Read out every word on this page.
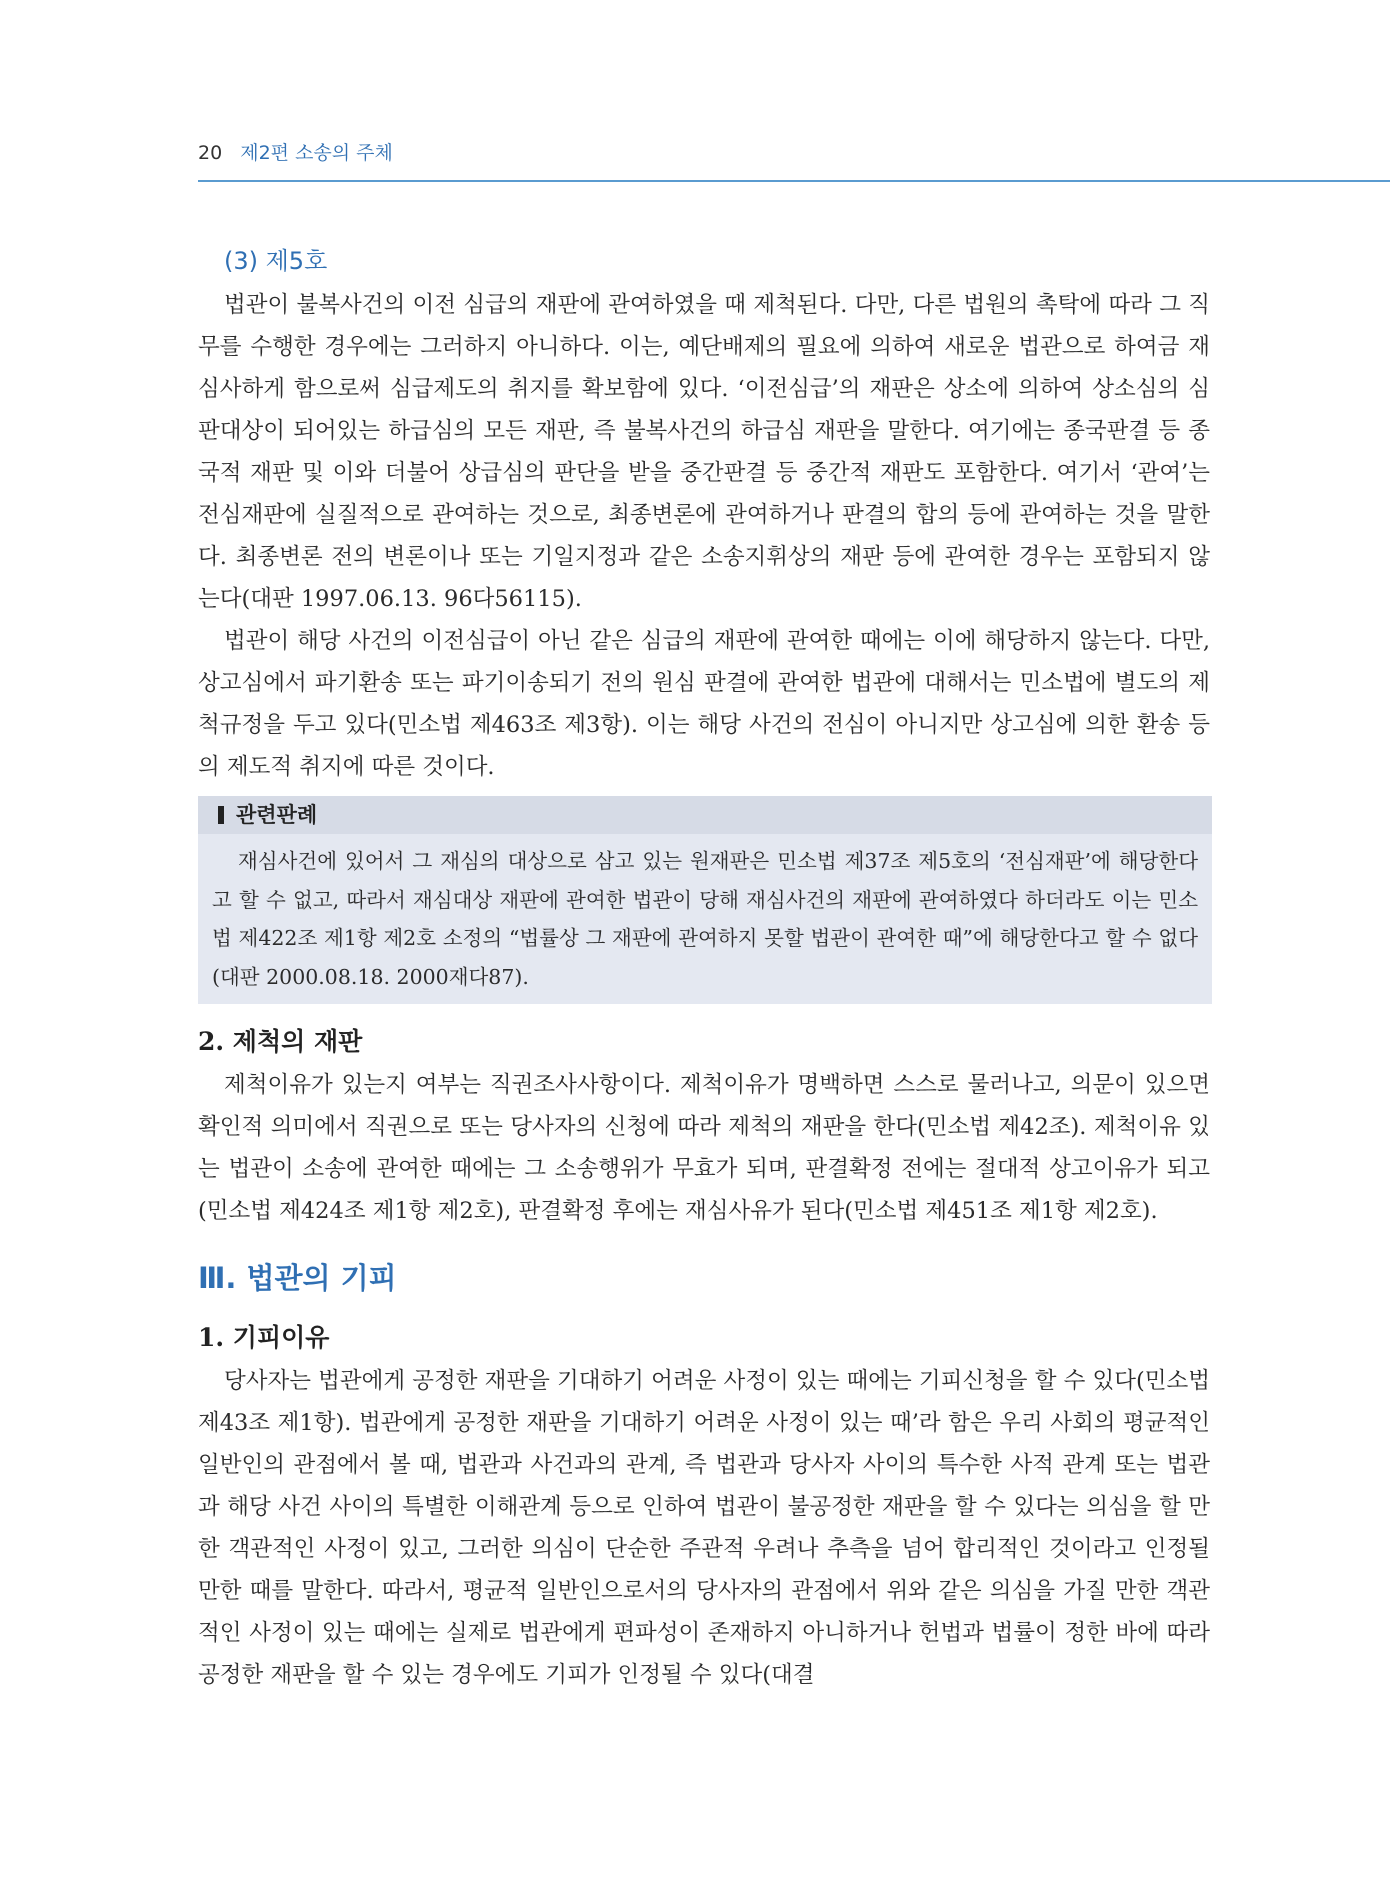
20 제2편 소송의 주체
(3) 제5호

법관이 불복사건의 이전 심급의 재판에 관여하였을 때 제척된다. 다만, 다른 법원의 촉탁에 따라 그 직무를 수행한 경우에는 그러하지 아니하다. 이는, 예단배제의 필요에 의하여 새로운 법관으로 하여금 재심사하게 함으로써 심급제도의 취지를 확보함에 있다. ‘이전심급’의 재판은 상소에 의하여 상소심의 심판대상이 되어있는 하급심의 모든 재판, 즉 불복사건의 하급심 재판을 말한다. 여기에는 종국판결 등 종국적 재판 및 이와 더불어 상급심의 판단을 받을 중간판결 등 중간적 재판도 포함한다. 여기서 ‘관여’는 전심재판에 실질적으로 관여하는 것으로, 최종변론에 관여하거나 판결의 합의 등에 관여하는 것을 말한다. 최종변론 전의 변론이나 또는 기일지정과 같은 소송지휘상의 재판 등에 관여한 경우는 포함되지 않는다(대판 1997.06.13. 96다56115).

법관이 해당 사건의 이전심급이 아닌 같은 심급의 재판에 관여한 때에는 이에 해당하지 않는다. 다만, 상고심에서 파기환송 또는 파기이송되기 전의 원심 판결에 관여한 법관에 대해서는 민소법에 별도의 제척규정을 두고 있다(민소법 제463조 제3항). 이는 해당 사건의 전심이 아니지만 상고심에 의한 환송 등의 제도적 취지에 따른 것이다.

관련판례

재심사건에 있어서 그 재심의 대상으로 삼고 있는 원재판은 민소법 제37조 제5호의 ‘전심재판’에 해당한다고 할 수 없고, 따라서 재심대상 재판에 관여한 법관이 당해 재심사건의 재판에 관여하였다 하더라도 이는 민소법 제422조 제1항 제2호 소정의 “법률상 그 재판에 관여하지 못할 법관이 관여한 때”에 해당한다고 할 수 없다(대판 2000.08.18. 2000재다87).

2. 제척의 재판

제척이유가 있는지 여부는 직권조사사항이다. 제척이유가 명백하면 스스로 물러나고, 의문이 있으면 확인적 의미에서 직권으로 또는 당사자의 신청에 따라 제척의 재판을 한다(민소법 제42조). 제척이유 있는 법관이 소송에 관여한 때에는 그 소송행위가 무효가 되며, 판결확정 전에는 절대적 상고이유가 되고(민소법 제424조 제1항 제2호), 판결확정 후에는 재심사유가 된다(민소법 제451조 제1항 제2호).

Ⅲ. 법관의 기피
1. 기피이유

당사자는 법관에게 공정한 재판을 기대하기 어려운 사정이 있는 때에는 기피신청을 할 수 있다(민소법 제43조 제1항). 법관에게 공정한 재판을 기대하기 어려운 사정이 있는 때’라 함은 우리 사회의 평균적인 일반인의 관점에서 볼 때, 법관과 사건과의 관계, 즉 법관과 당사자 사이의 특수한 사적 관계 또는 법관과 해당 사건 사이의 특별한 이해관계 등으로 인하여 법관이 불공정한 재판을 할 수 있다는 의심을 할 만한 객관적인 사정이 있고, 그러한 의심이 단순한 주관적 우려나 추측을 넘어 합리적인 것이라고 인정될 만한 때를 말한다. 따라서, 평균적 일반인으로서의 당사자의 관점에서 위와 같은 의심을 가질 만한 객관적인 사정이 있는 때에는 실제로 법관에게 편파성이 존재하지 아니하거나 헌법과 법률이 정한 바에 따라 공정한 재판을 할 수 있는 경우에도 기피가 인정될 수 있다(대결
